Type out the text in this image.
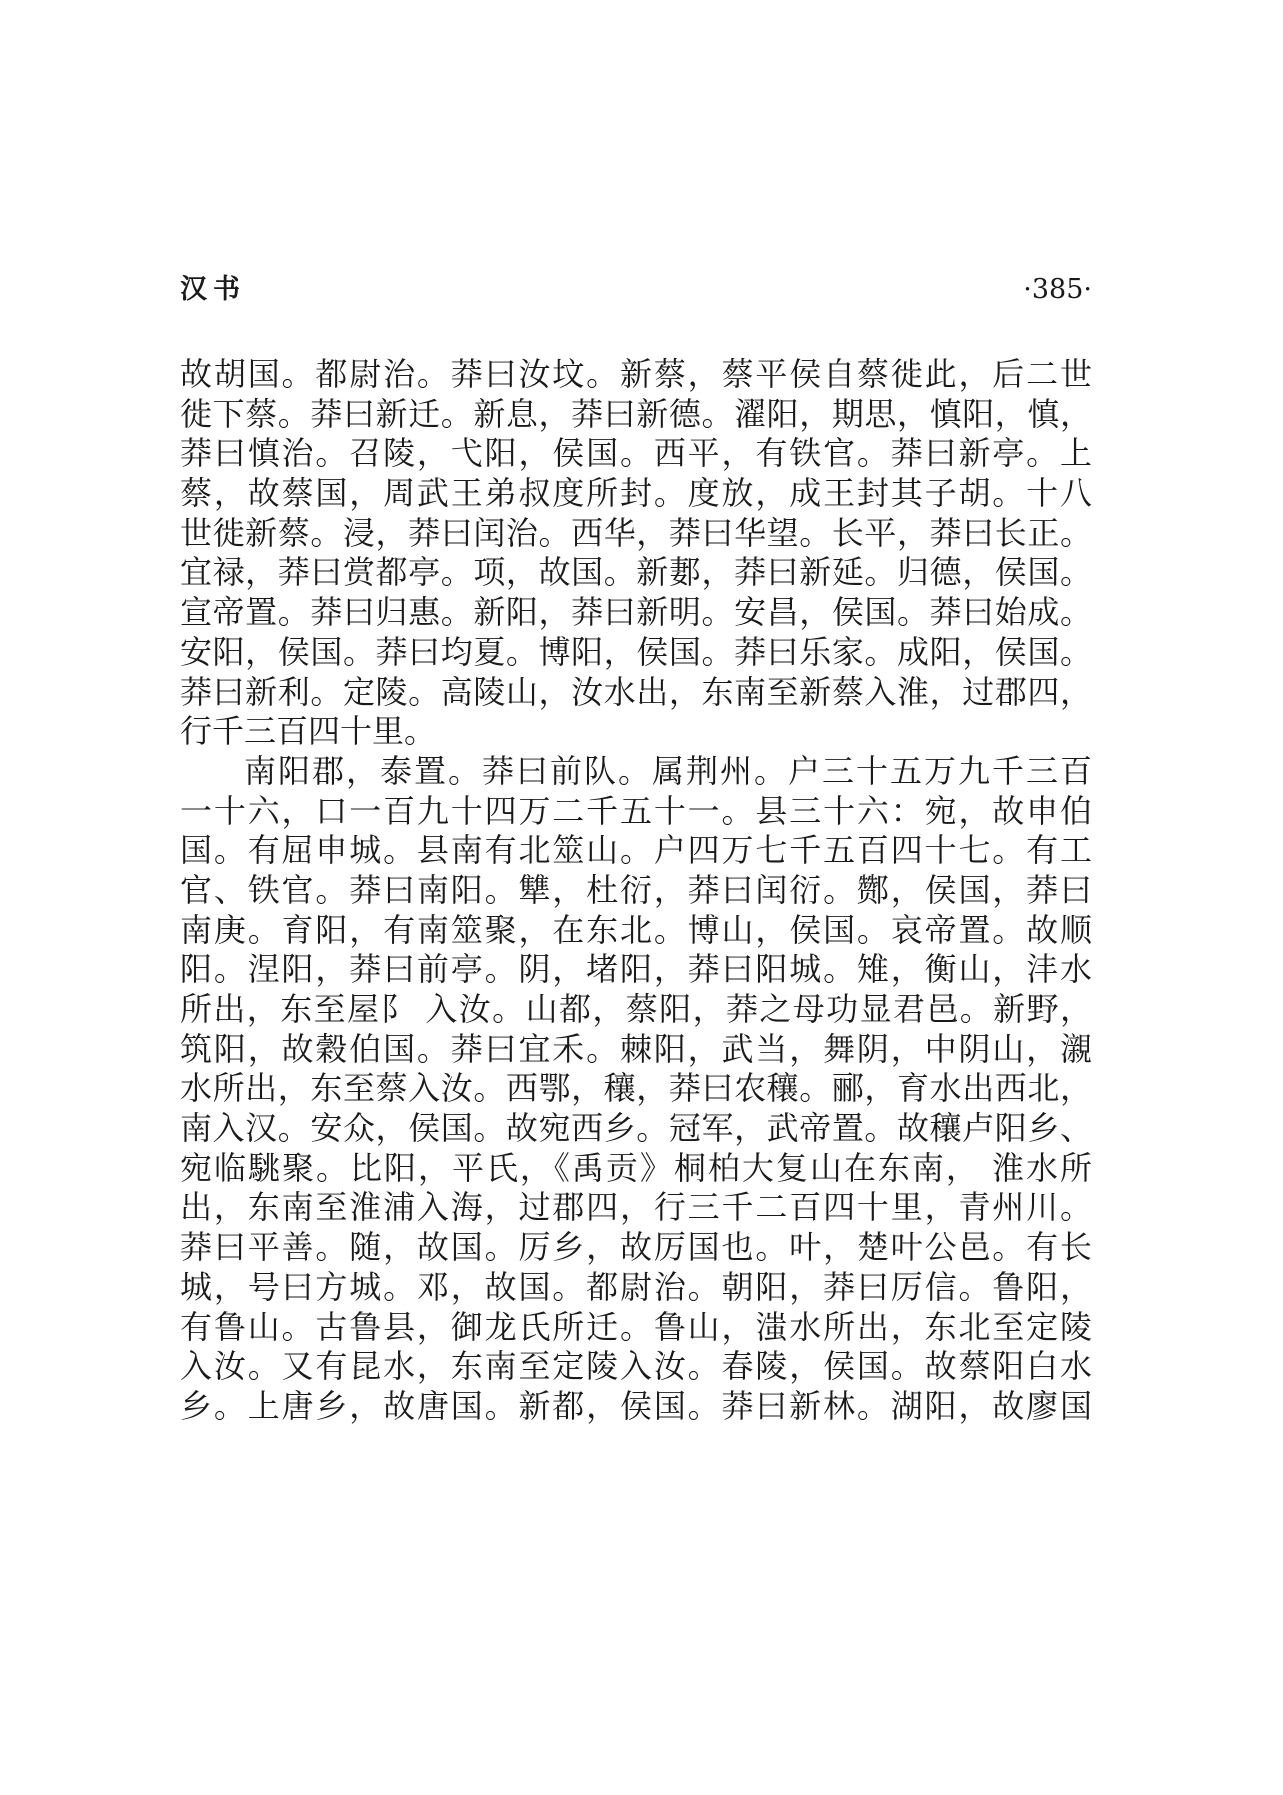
汉书	·385·
故胡国。都尉治。莽曰汝坟。新蔡，蔡平侯自蔡徙此，后二世
徙下蔡。莽曰新迁。新息，莽曰新德。濯阳，期思，慎阳，慎，
莽曰慎治。召陵，弋阳，侯国。西平，有铁官。莽曰新亭。上
蔡，故蔡国，周武王弟叔度所封。度放，成王封其子胡。十八
世徙新蔡。浸，莽曰闰治。西华，莽曰华望。长平，莽曰长正。
宜禄，莽曰赏都亭。项，故国。新郪，莽曰新延。归德，侯国。
宣帝置。莽曰归惠。新阳，莽曰新明。安昌，侯国。莽曰始成。
安阳，侯国。莽曰均夏。博阳，侯国。莽曰乐家。成阳，侯国。
莽曰新利。定陵。高陵山，汝水出，东南至新蔡入淮，过郡四，
行千三百四十里。
南阳郡，泰置。莽曰前队。属荆州。户三十五万九千三百
一十六，口一百九十四万二千五十一。县三十六：宛，故申伯
国。有屈申城。县南有北筮山。户四万七千五百四十七。有工
官、铁官。莽曰南阳。犨，杜衍，莽曰闰衍。酂，侯国，莽曰
南庚。育阳，有南筮聚，在东北。博山，侯国。哀帝置。故顺
阳。涅阳，莽曰前亭。阴，堵阳，莽曰阳城。雉，衡山，沣水
所出，东至屋阝 入汝。山都，蔡阳，莽之母功显君邑。新野，
筑阳，故穀伯国。莽曰宜禾。棘阳，武当，舞阴，中阴山，瀙
水所出，东至蔡入汝。西鄂，穰，莽曰农穰。郦，育水出西北，
南入汉。安众，侯国。故宛西乡。冠军，武帝置。故穰卢阳乡、
宛临駣聚。比阳，平氏，《禹贡》桐柏大复山在东南， 淮水所
出，东南至淮浦入海，过郡四，行三千二百四十里，青州川。
莽曰平善。随，故国。厉乡，故厉国也。叶，楚叶公邑。有长
城，号曰方城。邓，故国。都尉治。朝阳，莽曰厉信。鲁阳，
有鲁山。古鲁县，御龙氏所迁。鲁山，滍水所出，东北至定陵
入汝。又有昆水，东南至定陵入汝。春陵，侯国。故蔡阳白水
乡。上唐乡，故唐国。新都，侯国。莽曰新林。湖阳，故廖国
